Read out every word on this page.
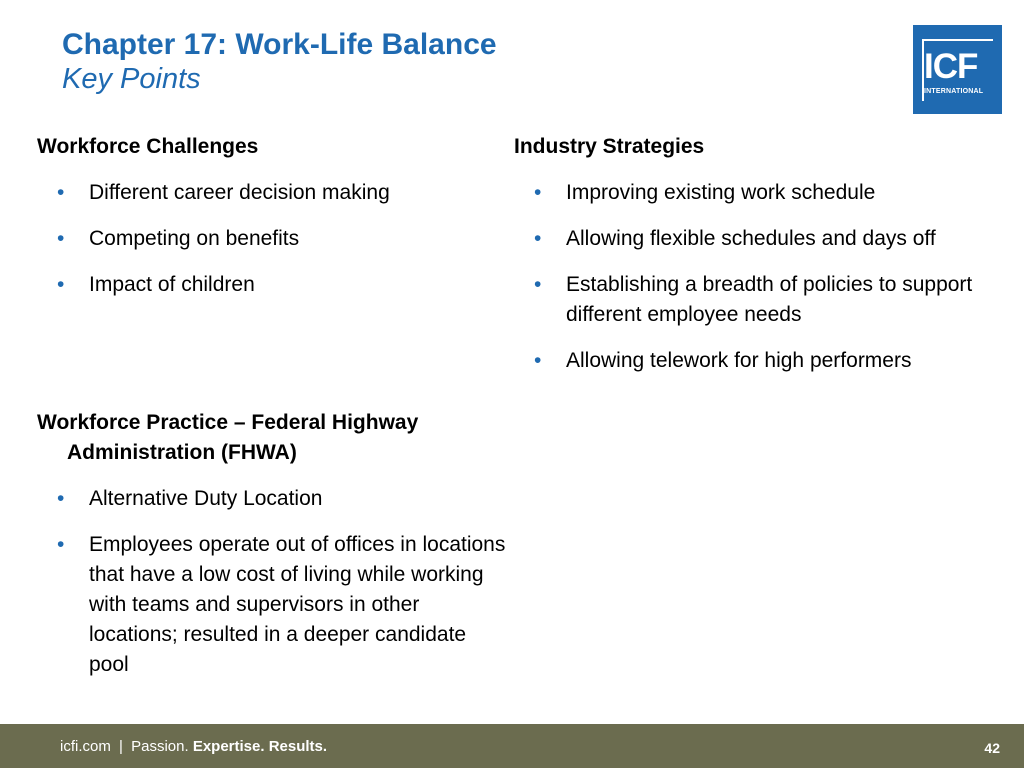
Chapter 17: Work-Life Balance

Key Points	ICF
INTERNATIONAL

Workforce Challenges

• Different career decision making
• Competing on benefits
• Impact of children

Workforce Practice – Federal Highway Administration (FHWA)

• Alternative Duty Location
• Employees operate out of offices in locations that have a low cost of living while working with teams and supervisors in other locations; resulted in a deeper candidate pool

Industry Strategies

• Improving existing work schedule
• Allowing flexible schedules and days off
• Establishing a breadth of policies to support different employee needs
• Allowing telework for high performers
icfi.com | Passion. Expertise. Results.	42
